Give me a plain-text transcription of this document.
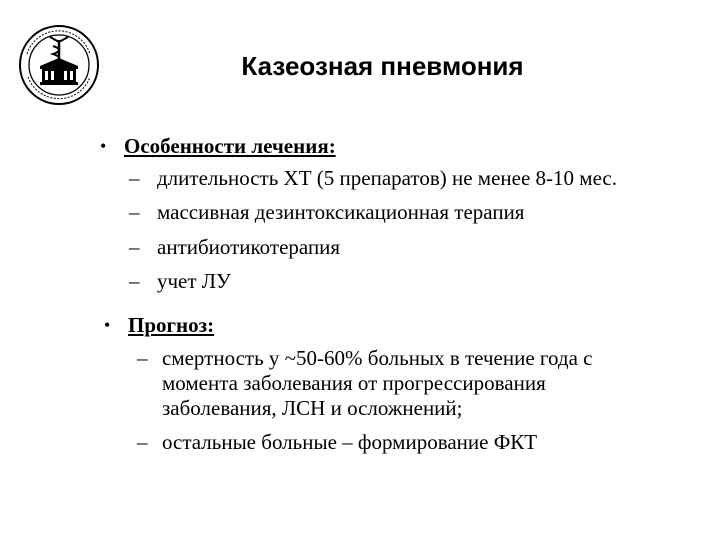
Казеозная пневмония
• Особенности лечения:
– длительность ХТ (5 препаратов) не менее 8-10 мес.
– массивная дезинтоксикационная терапия
– антибиотикотерапия
– учет ЛУ
• Прогноз:
– смертность у ~50-60% больных в течение года с
момента заболевания от прогрессирования
заболевания, ЛСН и осложнений;
– остальные больные – формирование ФКТ
